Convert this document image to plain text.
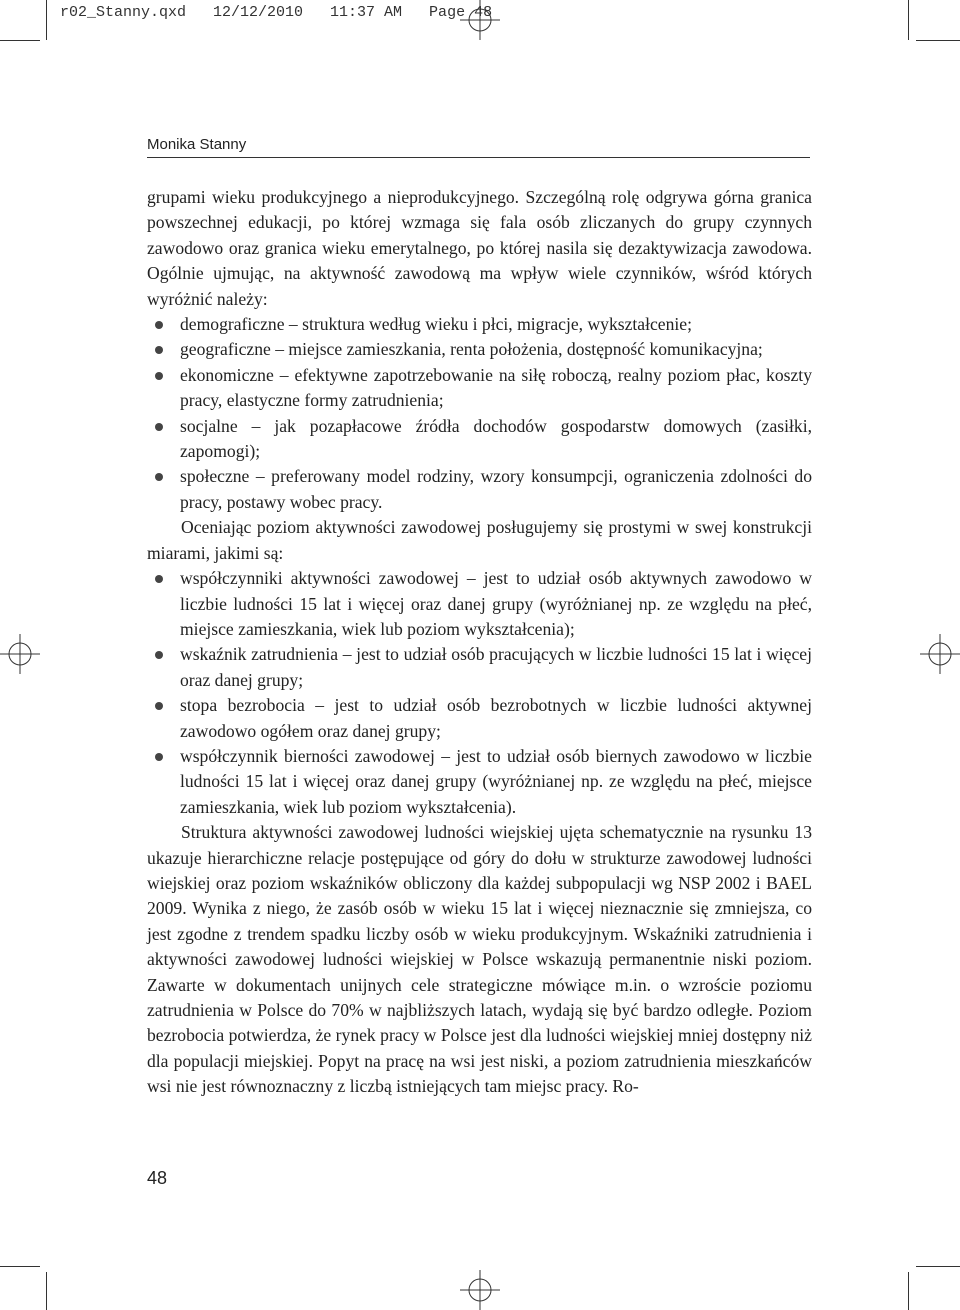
r02_Stanny.qxd   12/12/2010   11:37 AM   Page 48
Monika Stanny

grupami wieku produkcyjnego a nieprodukcyjnego. Szczególną rolę odgrywa górna granica powszechnej edukacji, po której wzmaga się fala osób zliczanych do grupy czynnych zawodowo oraz granica wieku emerytalnego, po której nasila się dezaktywizacja zawodowa. Ogólnie ujmując, na aktywność zawodową ma wpływ wiele czynników, wśród których wyróżnić należy:

demograficzne – struktura według wieku i płci, migracje, wykształcenie;
geograficzne – miejsce zamieszkania, renta położenia, dostępność komunikacyjna;
ekonomiczne – efektywne zapotrzebowanie na siłę roboczą, realny poziom płac, koszty pracy, elastyczne formy zatrudnienia;
socjalne – jak pozapłacowe źródła dochodów gospodarstw domowych (zasiłki, zapomogi);
społeczne – preferowany model rodziny, wzory konsumpcji, ograniczenia zdolności do pracy, postawy wobec pracy.

Oceniając poziom aktywności zawodowej posługujemy się prostymi w swej konstrukcji miarami, jakimi są:

współczynniki aktywności zawodowej – jest to udział osób aktywnych zawodowo w liczbie ludności 15 lat i więcej oraz danej grupy (wyróżnianej np. ze względu na płeć, miejsce zamieszkania, wiek lub poziom wykształcenia);
wskaźnik zatrudnienia – jest to udział osób pracujących w liczbie ludności 15 lat i więcej oraz danej grupy;
stopa bezrobocia – jest to udział osób bezrobotnych w liczbie ludności aktywnej zawodowo ogółem oraz danej grupy;
współczynnik bierności zawodowej – jest to udział osób biernych zawodowo w liczbie ludności 15 lat i więcej oraz danej grupy (wyróżnianej np. ze względu na płeć, miejsce zamieszkania, wiek lub poziom wykształcenia).

Struktura aktywności zawodowej ludności wiejskiej ujęta schematycznie na rysunku 13 ukazuje hierarchiczne relacje postępujące od góry do dołu w strukturze zawodowej ludności wiejskiej oraz poziom wskaźników obliczony dla każdej subpopulacji wg NSP 2002 i BAEL 2009. Wynika z niego, że zasób osób w wieku 15 lat i więcej nieznacznie się zmniejsza, co jest zgodne z trendem spadku liczby osób w wieku produkcyjnym. Wskaźniki zatrudnienia i aktywności zawodowej ludności wiejskiej w Polsce wskazują permanentnie niski poziom. Zawarte w dokumentach unijnych cele strategiczne mówiące m.in. o wzroście poziomu zatrudnienia w Polsce do 70% w najbliższych latach, wydają się być bardzo odległe. Poziom bezrobocia potwierdza, że rynek pracy w Polsce jest dla ludności wiejskiej mniej dostępny niż dla populacji miejskiej. Popyt na pracę na wsi jest niski, a poziom zatrudnienia mieszkańców wsi nie jest równoznaczny z liczbą istniejących tam miejsc pracy. Ro-

48
